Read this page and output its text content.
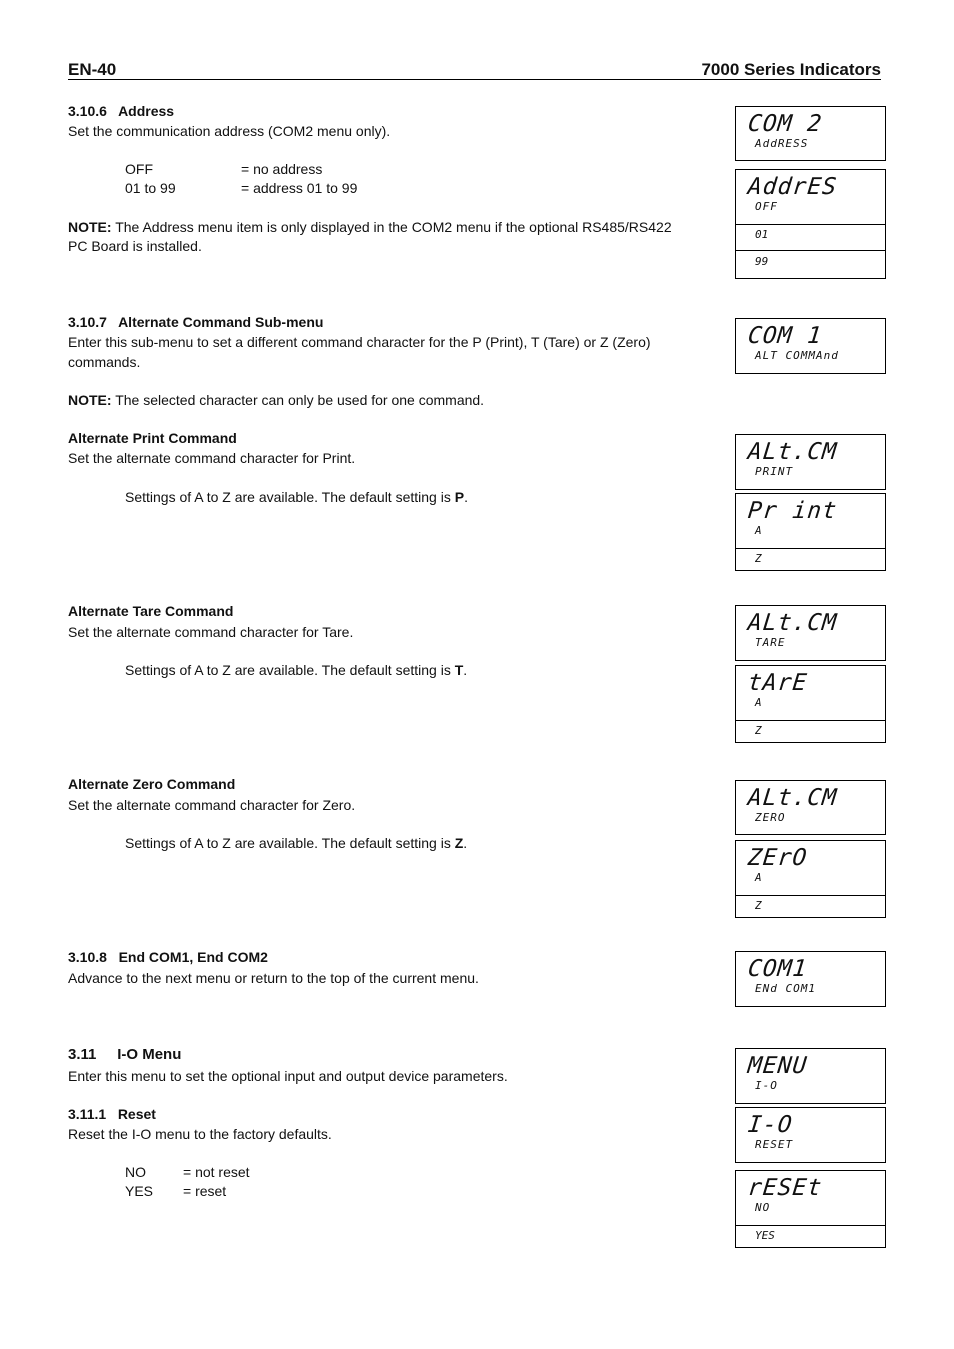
EN-40	7000 Series Indicators
3.10.6   Address
Set the communication address (COM2 menu only).
OFF	= no address
01 to 99	= address 01 to 99
NOTE: The Address menu item is only displayed in the COM2 menu if the optional RS485/RS422
PC Board is installed.
3.10.7   Alternate Command Sub-menu
Enter this sub-menu to set a different command character for the P (Print), T (Tare) or Z (Zero)
commands.
NOTE: The selected character can only be used for one command.
Alternate Print Command
Set the alternate command character for Print.
Settings of A to Z are available. The default setting is P.
Alternate Tare Command
Set the alternate command character for Tare.
Settings of A to Z are available. The default setting is T.
Alternate Zero Command
Set the alternate command character for Zero.
Settings of A to Z are available. The default setting is Z.
3.10.8   End COM1, End COM2
Advance to the next menu or return to the top of the current menu.
3.11     I-O Menu
Enter this menu to set the optional input and output device parameters.
3.11.1   Reset
Reset the I-O menu to the factory defaults.
NO	= not reset
YES = reset
COM 2
AddRESS
AddrES
OFF
01
99
COM 1
ALT COMMAnd
ALt.CM
PRINT
Pr int
A
Z
ALt.CM
TARE
tArE
A
Z
ALt.CM
ZERO
ZErO
A
Z
COM1
ENd COM1
MENU
I-O
I-O
RESET
rESEt
NO
YES
